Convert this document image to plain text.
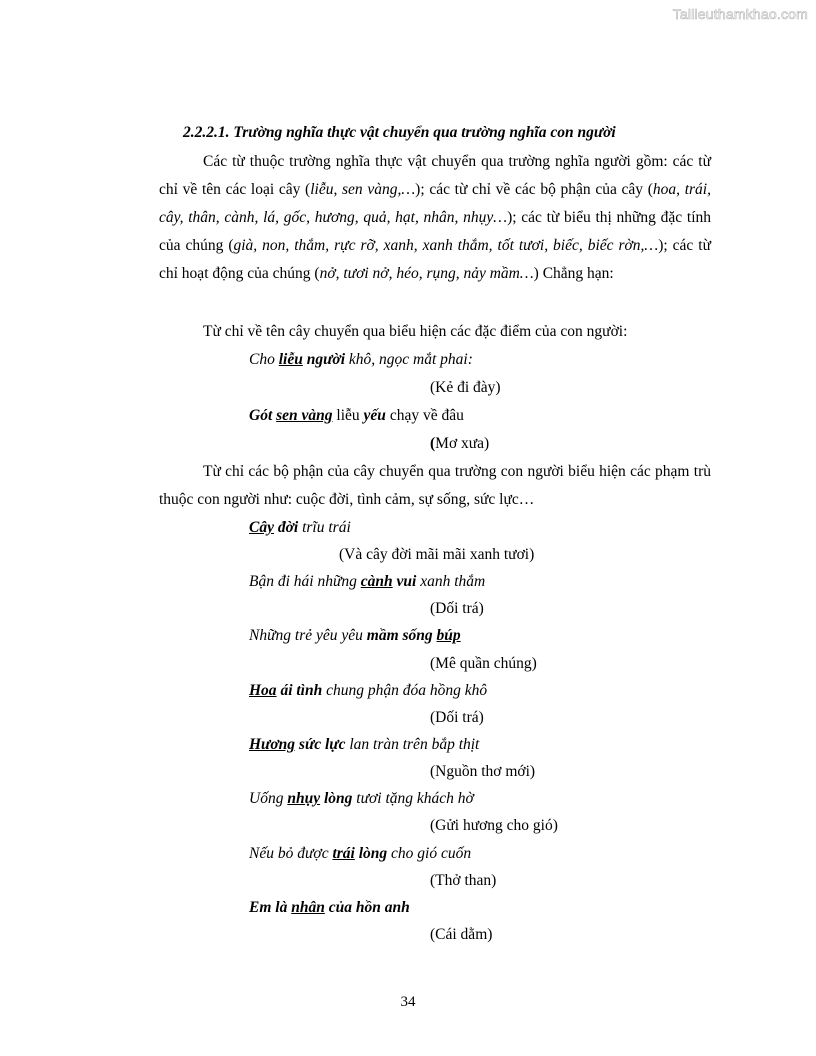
Tailieuthamkhao.com
2.2.2.1. Trường nghĩa thực vật chuyển qua trường nghĩa con người

Các từ thuộc trường nghĩa thực vật chuyển qua trường nghĩa người gồm: các từ chỉ về tên các loại cây (liễu, sen vàng,…); các từ chỉ về các bộ phận của cây (hoa, trái, cây, thân, cành, lá, gốc, hương, quả, hạt, nhân, nhụy…); các từ biểu thị những đặc tính của chúng (già, non, thắm, rực rỡ, xanh, xanh thắm, tốt tươi, biếc, biếc rờn,…); các từ chỉ hoạt động của chúng (nở, tươi nở, héo, rụng, nảy mầm…) Chẳng hạn:

Từ chỉ về tên cây chuyển qua biểu hiện các đặc điểm của con người:
Cho liễu người khô, ngọc mắt phai:
(Kẻ đi đày)
Gót sen vàng liễu yếu chạy về đâu
(Mơ xưa)

Từ chỉ các bộ phận của cây chuyển qua trường con người biểu hiện các phạm trù thuộc con người như: cuộc đời, tình cảm, sự sống, sức lực…

Cây đời trĩu trái
(Và cây đời mãi mãi xanh tươi)
Bận đi hái những cành vui xanh thắm
(Dối trá)
Những trẻ yêu yêu mầm sống búp
(Mê quần chúng)
Hoa ái tình chung phận đóa hồng khô
(Dối trá)
Hương sức lực lan tràn trên bắp thịt
(Nguồn thơ mới)
Uống nhụy lòng tươi tặng khách hờ
(Gửi hương cho gió)
Nếu bỏ được trái lòng cho gió cuốn
(Thở than)
Em là nhân của hồn anh
(Cái dằm)
34
